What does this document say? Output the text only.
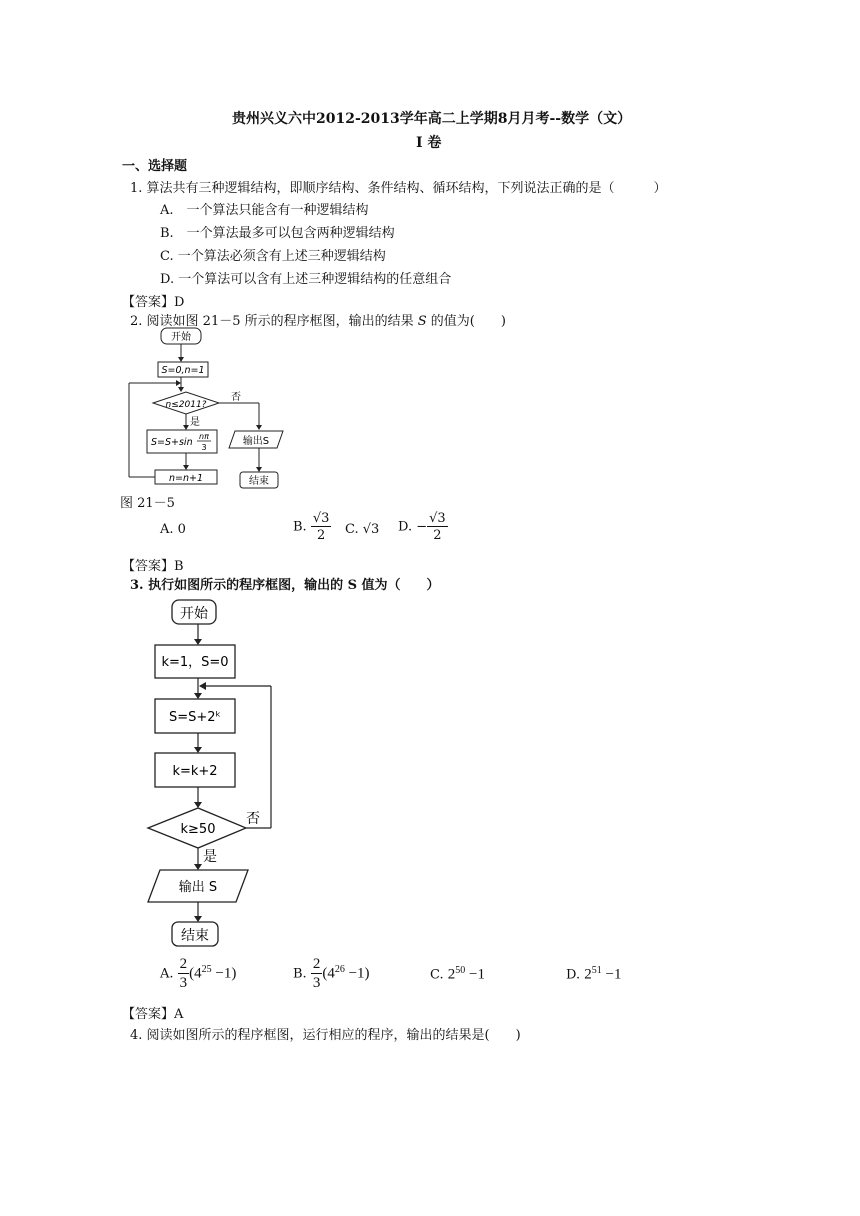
贵州兴义六中2012-2013学年高二上学期8月月考--数学（文）
I 卷
一、选择题
1. 算法共有三种逻辑结构，即顺序结构、条件结构、循环结构，下列说法正确的是（　　　）
A.　一个算法只能含有一种逻辑结构
B.　一个算法最多可以包含两种逻辑结构
C. 一个算法必须含有上述三种逻辑结构
D. 一个算法可以含有上述三种逻辑结构的任意组合
【答案】D
2. 阅读如图 21－5 所示的程序框图，输出的结果 S 的值为(　　)
开始
S=0,n=1
n≤2011?
否
是
S=S+sin
nπ
3
输出S
结束
n=n+1
图 21－5
A. 0	B. $\frac{√3}{2} C$. √3 D. − $\frac{√3}{2}$
【答案】B
3. 执行如图所示的程序框图，输出的 S 值为（　　）
开始
k=1，S=0
S=S+2ᵏ
k=k+2
k≥50
否
是
输出 S
结束
A. $\frac{2}{3} (4^{25} -1)$	B. $\frac{2}{3} (4^{26} -1)$	C. $2^{50} -1$	D. $2^{51} -1$
【答案】A
4. 阅读如图所示的程序框图，运行相应的程序，输出的结果是(　　)
